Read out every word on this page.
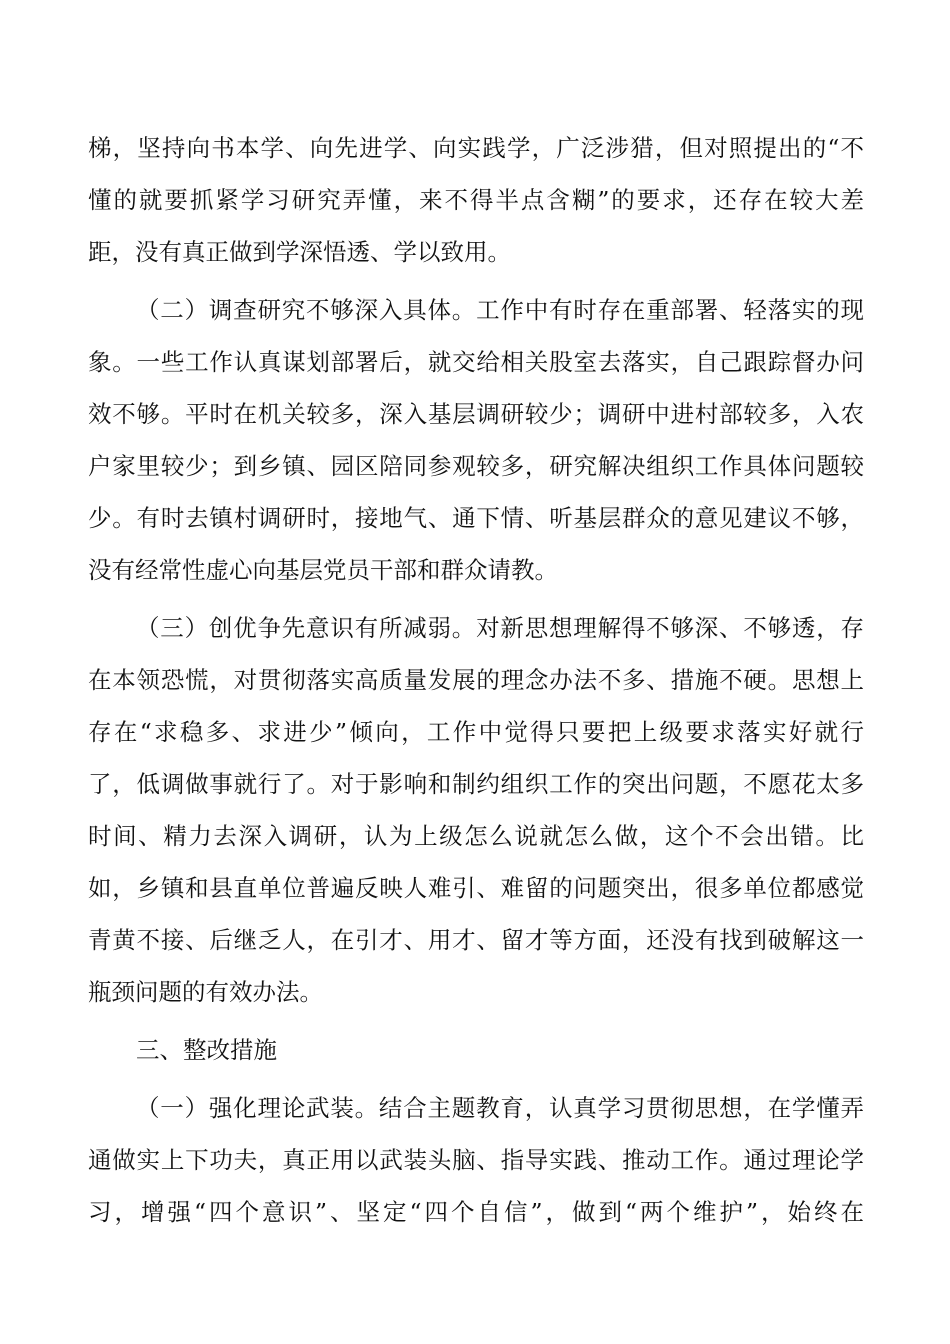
梯，坚持向书本学、向先进学、向实践学，广泛涉猎，但对照提出的“不
懂的就要抓紧学习研究弄懂，来不得半点含糊”的要求，还存在较大差
距，没有真正做到学深悟透、学以致用。
（二）调查研究不够深入具体。工作中有时存在重部署、轻落实的现
象。一些工作认真谋划部署后，就交给相关股室去落实，自己跟踪督办问
效不够。平时在机关较多，深入基层调研较少；调研中进村部较多，入农
户家里较少；到乡镇、园区陪同参观较多，研究解决组织工作具体问题较
少。有时去镇村调研时，接地气、通下情、听基层群众的意见建议不够，
没有经常性虚心向基层党员干部和群众请教。
（三）创优争先意识有所减弱。对新思想理解得不够深、不够透，存
在本领恐慌，对贯彻落实高质量发展的理念办法不多、措施不硬。思想上
存在“求稳多、求进少”倾向，工作中觉得只要把上级要求落实好就行
了，低调做事就行了。对于影响和制约组织工作的突出问题，不愿花太多
时间、精力去深入调研，认为上级怎么说就怎么做，这个不会出错。比
如，乡镇和县直单位普遍反映人难引、难留的问题突出，很多单位都感觉
青黄不接、后继乏人，在引才、用才、留才等方面，还没有找到破解这一
瓶颈问题的有效办法。
三、整改措施
（一）强化理论武装。结合主题教育，认真学习贯彻思想，在学懂弄
通做实上下功夫，真正用以武装头脑、指导实践、推动工作。通过理论学
习，增强“四个意识”、坚定“四个自信”，做到“两个维护”，始终在
